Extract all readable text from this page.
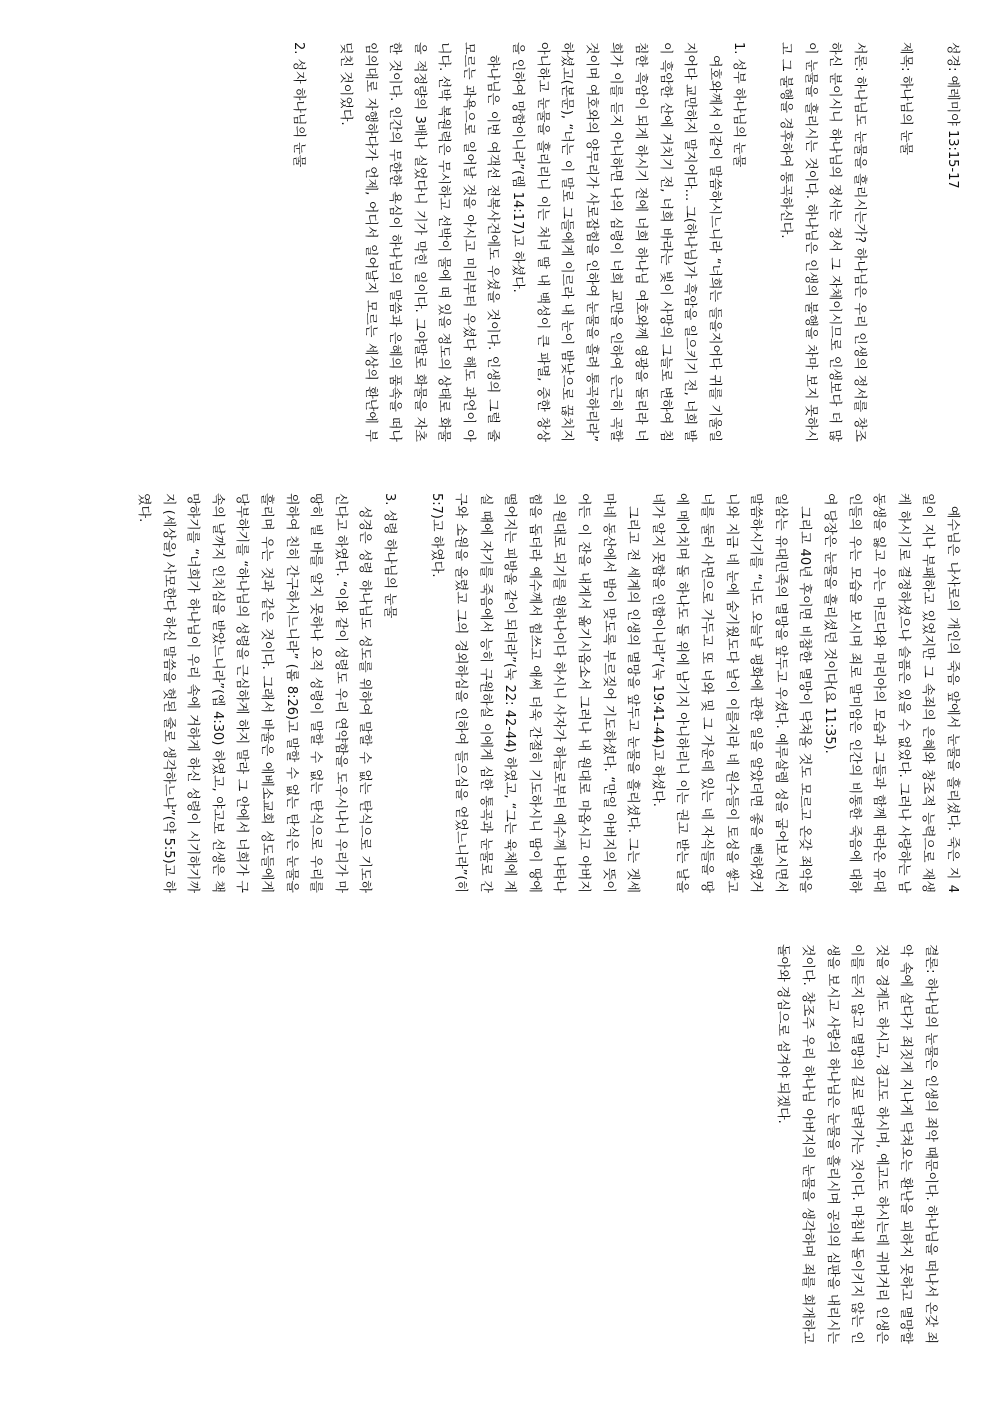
성경: 예레미야 13:15-17

제목: 하나님의 눈물

서론: 하나님도 눈물을 흘리시는가? 하나님은 우리 인생의 정서를 창조하신 분이시니 하나님의 정서는 정서 그 자체이시므로 인생보다 더 많이 눈물을 흘리시는 것이다. 하나님은 인생의 불행을 차마 보지 못하시고 그 불행을 경후하여 통곡하신다.

1. 성부 하나님의 눈물

여호와께서 이같이 말씀하시느니라 “너희는 들을지어다 귀를 기울일지어다 교만하지 말지어다... 그(하나님)가 흑암을 일으키기 전, 너희 발이 흑암한 산에 거치기 전, 너희 바라는 빛이 사망의 그늘로 변하여 침침한 흑암이 되게 하시기 전에 너희 하나님 여호와께 영광을 돌리라 너희가 이를 듣지 아니하면 나의 심령이 너희 교만을 인하여 은근히 곡할 것이며 여호와의 양무리가 사로잡힘을 인하여 눈물을 흘려 통곡하리라” 하셨고(본문), “너는 이 말로 그들에게 이르라 내 눈이 밤낮으로 끊치지 아니하고 눈물을 흘리리니 이는 처녀 딸 내 백성이 큰 파멸, 중한 창상을 인하여 망함이니라”(렘 14:17)고 하셨다.

하나님은 이번 여객선 전복사건에도 우셨을 것이다. 인생의 그럴 줄 모르는 과욕으로 일어날 것을 아시고 미리부터 우셨다 해도 과언이 아니다. 선박 복원력은 무시하고 선박이 물에 떠 있을 정도의 상태로 화물을 적정량의 3배나 실었다니 기가 막힌 일이다. 그야말로 화물을 자초한 것이다. 인간의 무한한 욕심이 하나님의 말씀과 은혜의 품속을 떠나 임의대로 자행하다가 언제, 어디서 일어날지 모르는 세상의 환난에 부딪친 것이었다.

2. 성자 하나님의 눈물

예수님은 나사로의 개인의 죽음 앞에서 눈물을 흘리셨다. 죽은 지 4일이 지나 부패하고 있었지만 그 속죄의 은혜와 창조적 능력으로 재생케 하시기로 결정하셨으나 슬픔은 있을 수 없었다. 그러나 사랑하는 남동생을 잃고 우는 마르다와 마리아의 모습과 그들과 함께 따라온 유대인들의 우는 모습을 보시며 죄로 말미암은 인간의 비통한 죽음에 대하여 당장은 눈물을 흘리셨던 것이다(요 11:35).

그리고 40년 후이면 비참한 멸망이 닥쳐올 것도 모르고 온갖 죄악을 일삼는 유대민족의 멸망을 앞두고 우셨다. 예루살렘 성을 굽어보시면서 말씀하시기를 “너도 오늘날 평화에 관한 일을 알았더면 좋을 뻔하였거니와 지금 네 눈에 숨기웠도다 날이 이를지라 네 원수들이 토성을 쌓고 너를 둘러 사면으로 가두고 또 너와 및 그 가운데 있는 네 자식들을 땅에 메어치며 돌 하나도 돌 위에 남기지 아니하리니 이는 권고 받는 날을 네가 알지 못함을 인함이니라”(눅 19:41-44)고 하셨다.

그리고 전 세계의 인생의 멸망을 앞두고 눈물을 흘리셨다. 그는 겟세마네 동산에서 밤이 맞도록 부르짖어 기도하셨다. “만일 아버지의 뜻이어든 이 잔을 내게서 옮기시옵소서 그러나 내 원대로 마옵시고 아버지의 원대로 되기를 원하나이다 하시니 사자가 하늘로부터 예수께 나타나 힘을 돕더라 예수께서 힘쓰고 애써 더욱 간절히 기도하시니 땀이 땅에 떨어지는 피방울 같이 되더라”(눅 22: 42-44) 하였고, “그는 육체에 계실 때에 자기를 죽음에서 능히 구원하실 이에게 심한 통곡과 눈물로 간구와 소원을 올렸고 그의 경외하심을 인하여 들으심을 얻었느니라”(히 5:7)고 하였다.

3. 성령 하나님의 눈물

성경은 성령 하나님도 성도를 위하여 말할 수 없는 탄식으로 기도하신다고 하였다. “이와 같이 성령도 우리 연약함을 도우시나니 우리가 마땅히 빌 바를 알지 못하나 오직 성령이 말할 수 없는 탄식으로 우리를 위하여 친히 간구하시느니라” (롬 8:26)고 말할 수 없는 탄식은 눈물을 흘리며 우는 것과 같은 것이다. 그래서 바울은 에베소교회 성도들에게 당부하기를 “하나님의 성령을 근심하게 하지 말라 그 안에서 너희가 구속의 날까지 인치심을 받았느니라”(엡 4:30) 하였고, 야고보 선생은 책망하기를 “너희가 하나님이 우리 속에 거하게 하신 성령이 시기하기까지 (세상을) 사모한다 하신 말씀을 헛된 줄로 생각하느냐”(약 5:5)고 하였다.

결론: 하나님의 눈물은 인생의 죄악 때문이다. 하나님을 떠나서 온갖 죄악 속에 살다가 죄짓게 지나게 닥쳐오는 환난을 피하지 못하고 멸망할 것을 경계도 하시고, 경고도 하시며, 예고도 하시는데 귀머거리 인생은 이를 듣지 않고 멸망의 길로 달려가는 것이다. 마침내 돌이키지 않는 인생을 보시고 사랑의 하나님은 눈물을 흘리시며 공의의 심판을 내리시는 것이다. 창조주 우리 하나님 아버지의 눈물을 생각하며 죄를 회개하고 돌아와 경심으로 섬겨야 되겠다.
